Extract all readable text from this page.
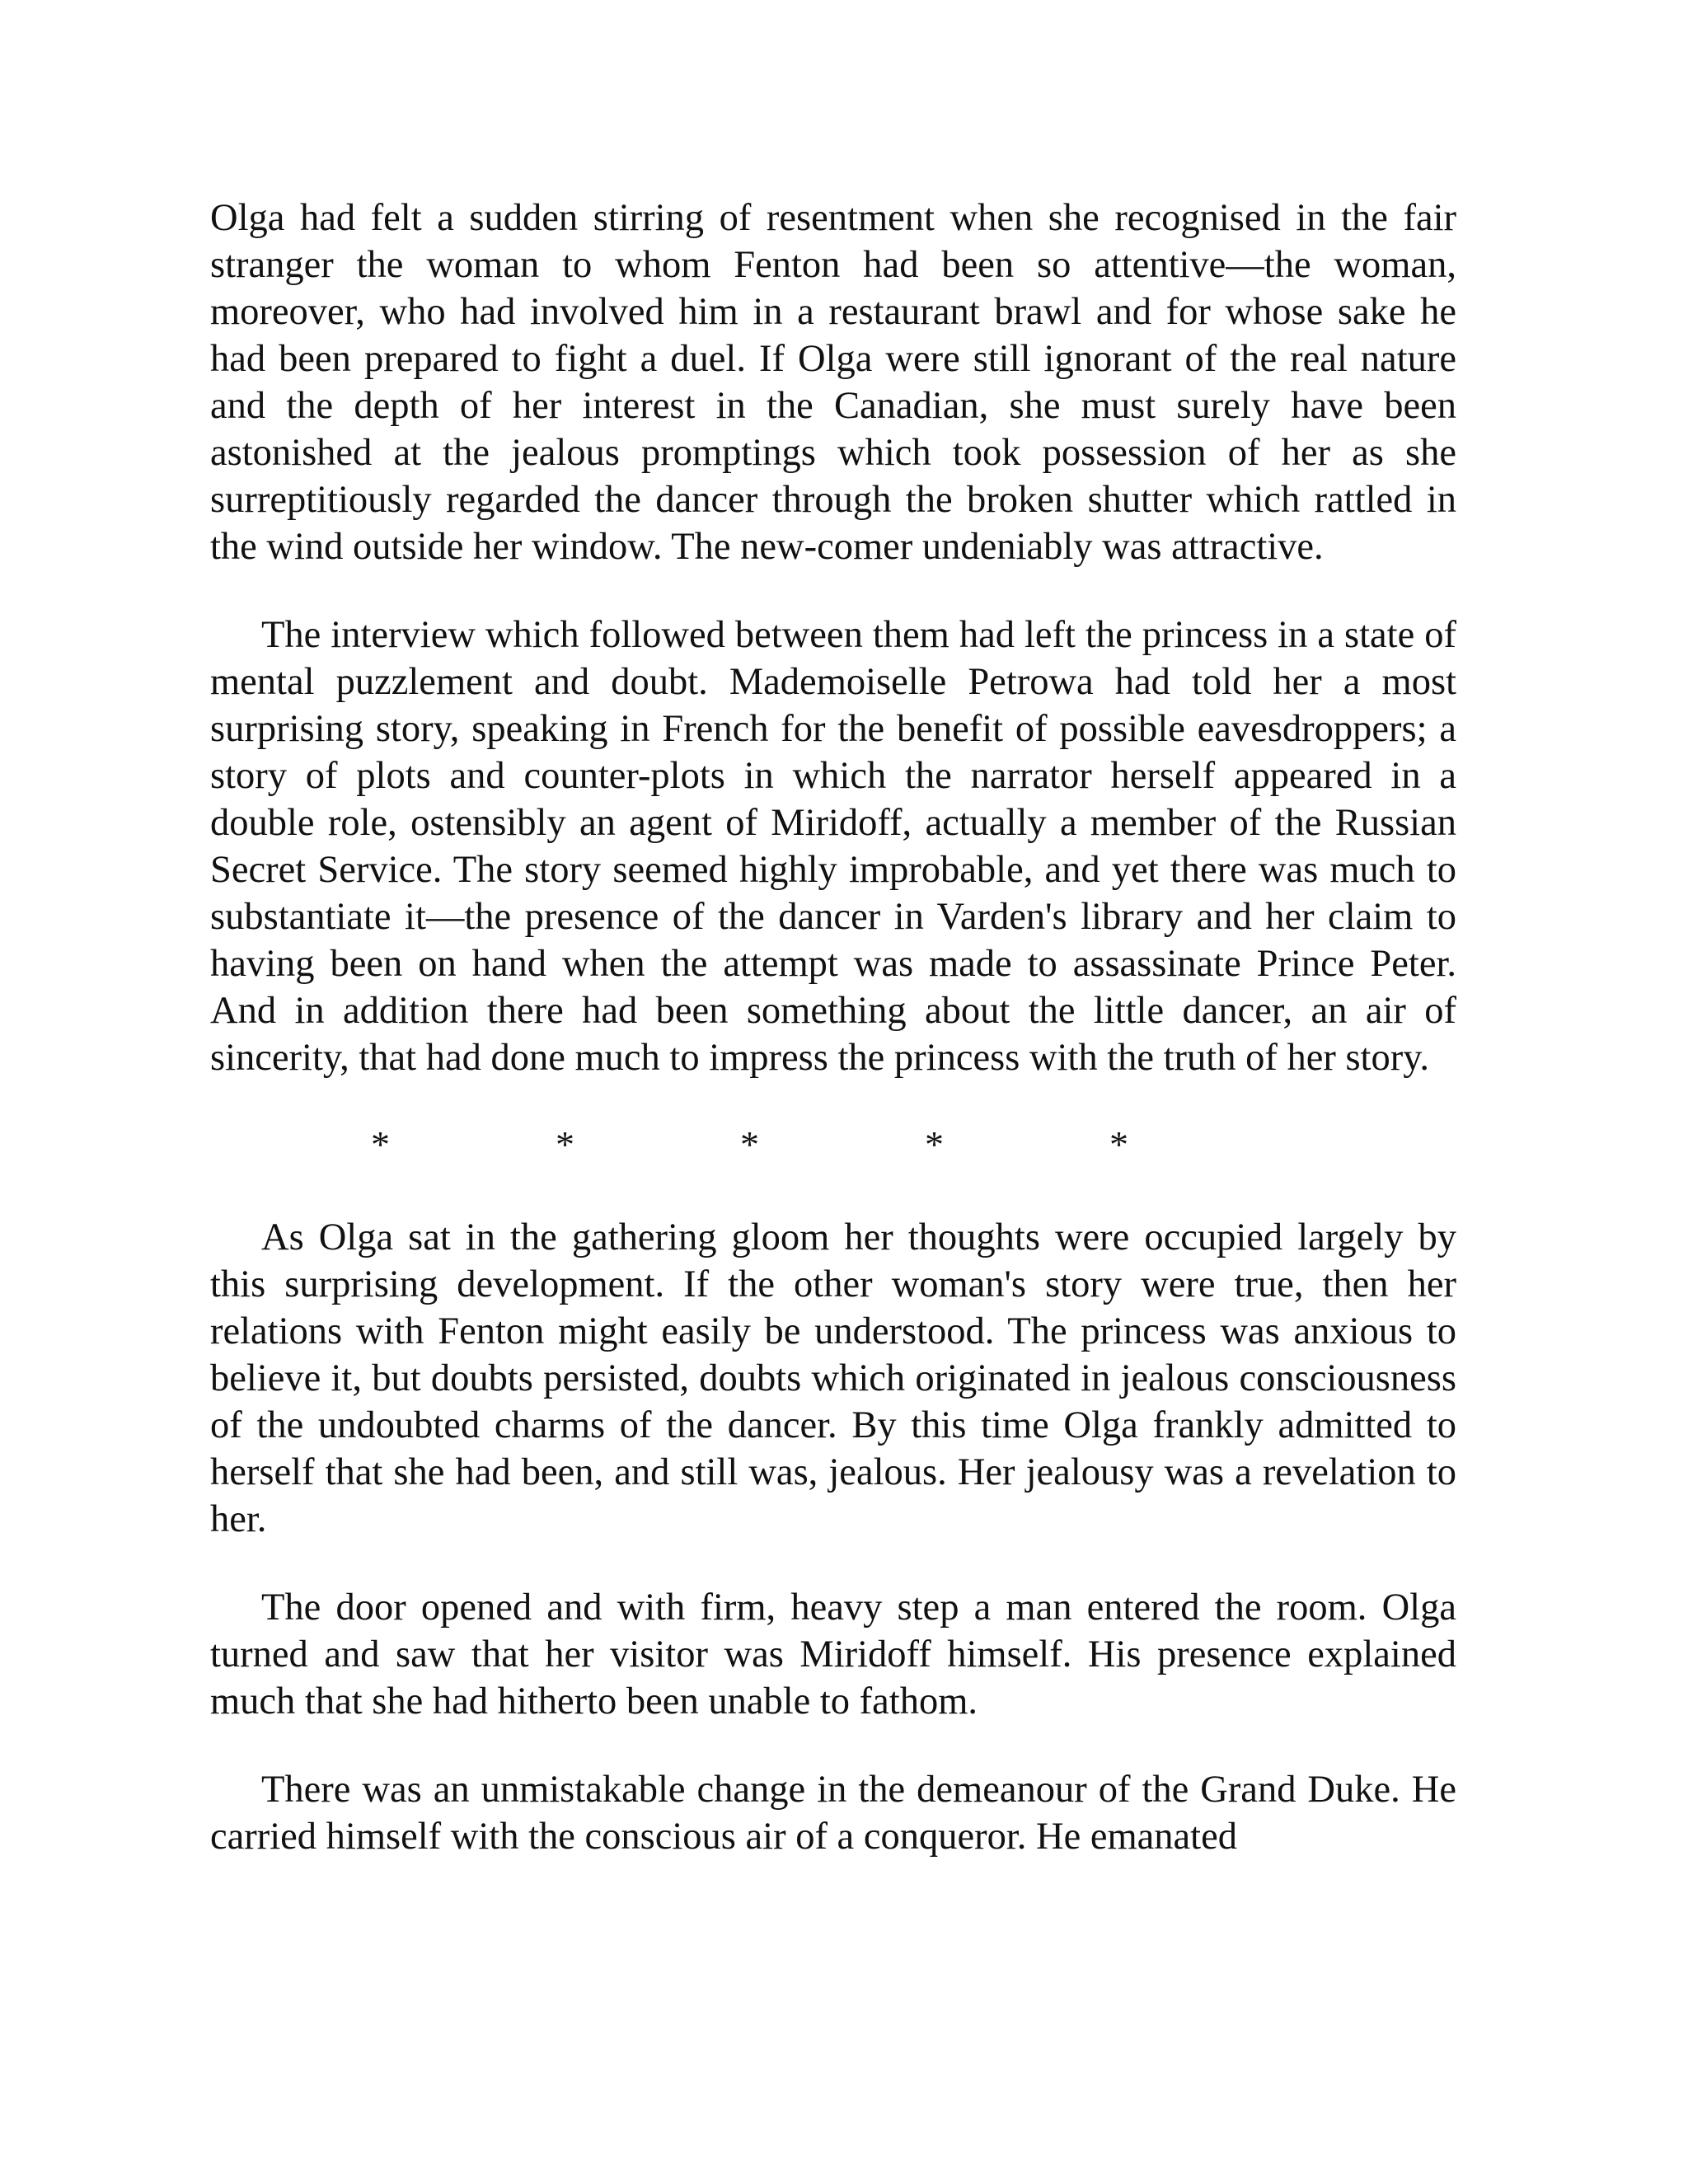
Olga had felt a sudden stirring of resentment when she recognised in the fair stranger the woman to whom Fenton had been so attentive—the woman, moreover, who had involved him in a restaurant brawl and for whose sake he had been prepared to fight a duel. If Olga were still ignorant of the real nature and the depth of her interest in the Canadian, she must surely have been astonished at the jealous promptings which took possession of her as she surreptitiously regarded the dancer through the broken shutter which rattled in the wind outside her window. The new-comer undeniably was attractive.

The interview which followed between them had left the princess in a state of mental puzzlement and doubt. Mademoiselle Petrowa had told her a most surprising story, speaking in French for the benefit of possible eavesdroppers; a story of plots and counter-plots in which the narrator herself appeared in a double role, ostensibly an agent of Miridoff, actually a member of the Russian Secret Service. The story seemed highly improbable, and yet there was much to substantiate it—the presence of the dancer in Varden's library and her claim to having been on hand when the attempt was made to assassinate Prince Peter. And in addition there had been something about the little dancer, an air of sincerity, that had done much to impress the princess with the truth of her story.

*	*	*	*	*

As Olga sat in the gathering gloom her thoughts were occupied largely by this surprising development. If the other woman's story were true, then her relations with Fenton might easily be understood. The princess was anxious to believe it, but doubts persisted, doubts which originated in jealous consciousness of the undoubted charms of the dancer. By this time Olga frankly admitted to herself that she had been, and still was, jealous. Her jealousy was a revelation to her.

The door opened and with firm, heavy step a man entered the room. Olga turned and saw that her visitor was Miridoff himself. His presence explained much that she had hitherto been unable to fathom.

There was an unmistakable change in the demeanour of the Grand Duke. He carried himself with the conscious air of a conqueror. He emanated
